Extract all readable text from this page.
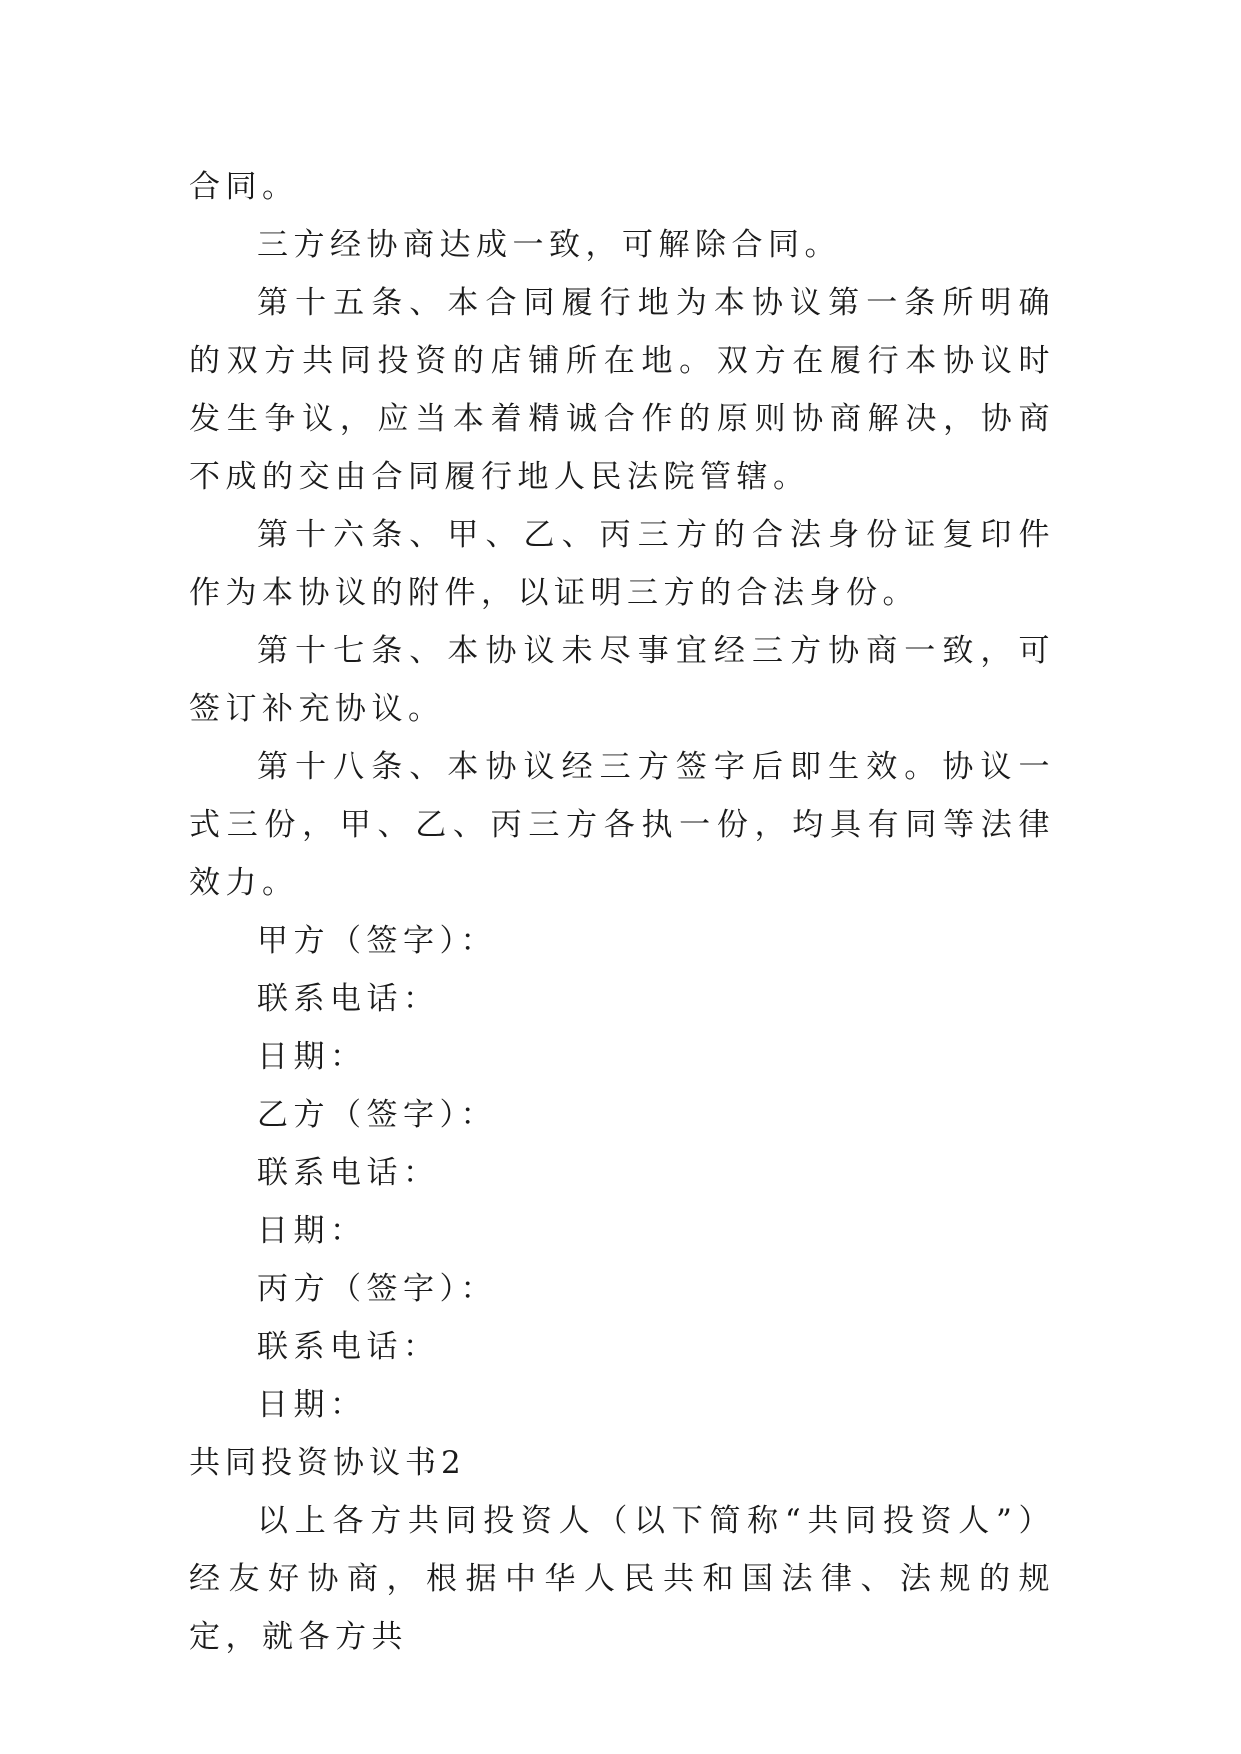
合同。

三方经协商达成一致，可解除合同。

第十五条、本合同履行地为本协议第一条所明确的双方共同投资的店铺所在地。双方在履行本协议时发生争议，应当本着精诚合作的原则协商解决，协商不成的交由合同履行地人民法院管辖。

第十六条、甲、乙、丙三方的合法身份证复印件作为本协议的附件，以证明三方的合法身份。

第十七条、本协议未尽事宜经三方协商一致，可签订补充协议。

第十八条、本协议经三方签字后即生效。协议一式三份，甲、乙、丙三方各执一份，均具有同等法律效力。

甲方（签字）：

联系电话：

日期：

乙方（签字）：

联系电话：

日期：

丙方（签字）：

联系电话：

日期：

共同投资协议书2

以上各方共同投资人（以下简称“共同投资人”）经友好协商，根据中华人民共和国法律、法规的规定，就各方共
